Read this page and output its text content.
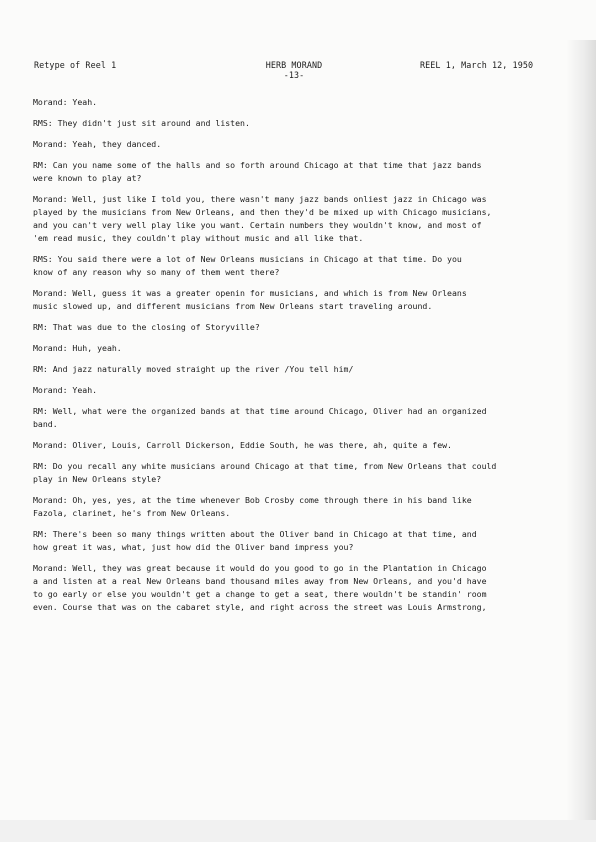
Retype of Reel 1	HERB MORAND
-13-
REEL 1, March 12, 1950

Morand: Yeah.

RMS: They didn't just sit around and listen.

Morand: Yeah, they danced.

RM: Can you name some of the halls and so forth around Chicago at that time that jazz bands
were known to play at?

Morand: Well, just like I told you, there wasn't many jazz bands onliest jazz in Chicago was
played by the musicians from New Orleans, and then they'd be mixed up with Chicago musicians,
and you can't very well play like you want. Certain numbers they wouldn't know, and most of
'em read music, they couldn't play without music and all like that.

RMS: You said there were a lot of New Orleans musicians in Chicago at that time. Do you
know of any reason why so many of them went there?

Morand: Well, guess it was a greater openin for musicians, and which is from New Orleans
music slowed up, and different musicians from New Orleans start traveling around.

RM: That was due to the closing of Storyville?

Morand: Huh, yeah.

RM: And jazz naturally moved straight up the river /You tell him/

Morand: Yeah.

RM: Well, what were the organized bands at that time around Chicago, Oliver had an organized
band.

Morand: Oliver, Louis, Carroll Dickerson, Eddie South, he was there, ah, quite a few.

RM: Do you recall any white musicians around Chicago at that time, from New Orleans that could
play in New Orleans style?

Morand: Oh, yes, yes, at the time whenever Bob Crosby come through there in his band like
Fazola, clarinet, he's from New Orleans.

RM: There's been so many things written about the Oliver band in Chicago at that time, and
how great it was, what, just how did the Oliver band impress you?

Morand: Well, they was great because it would do you good to go in the Plantation in Chicago
a and listen at a real New Orleans band thousand miles away from New Orleans, and you'd have
to go early or else you wouldn't get a change to get a seat, there wouldn't be standin' room
even. Course that was on the cabaret style, and right across the street was Louis Armstrong,
